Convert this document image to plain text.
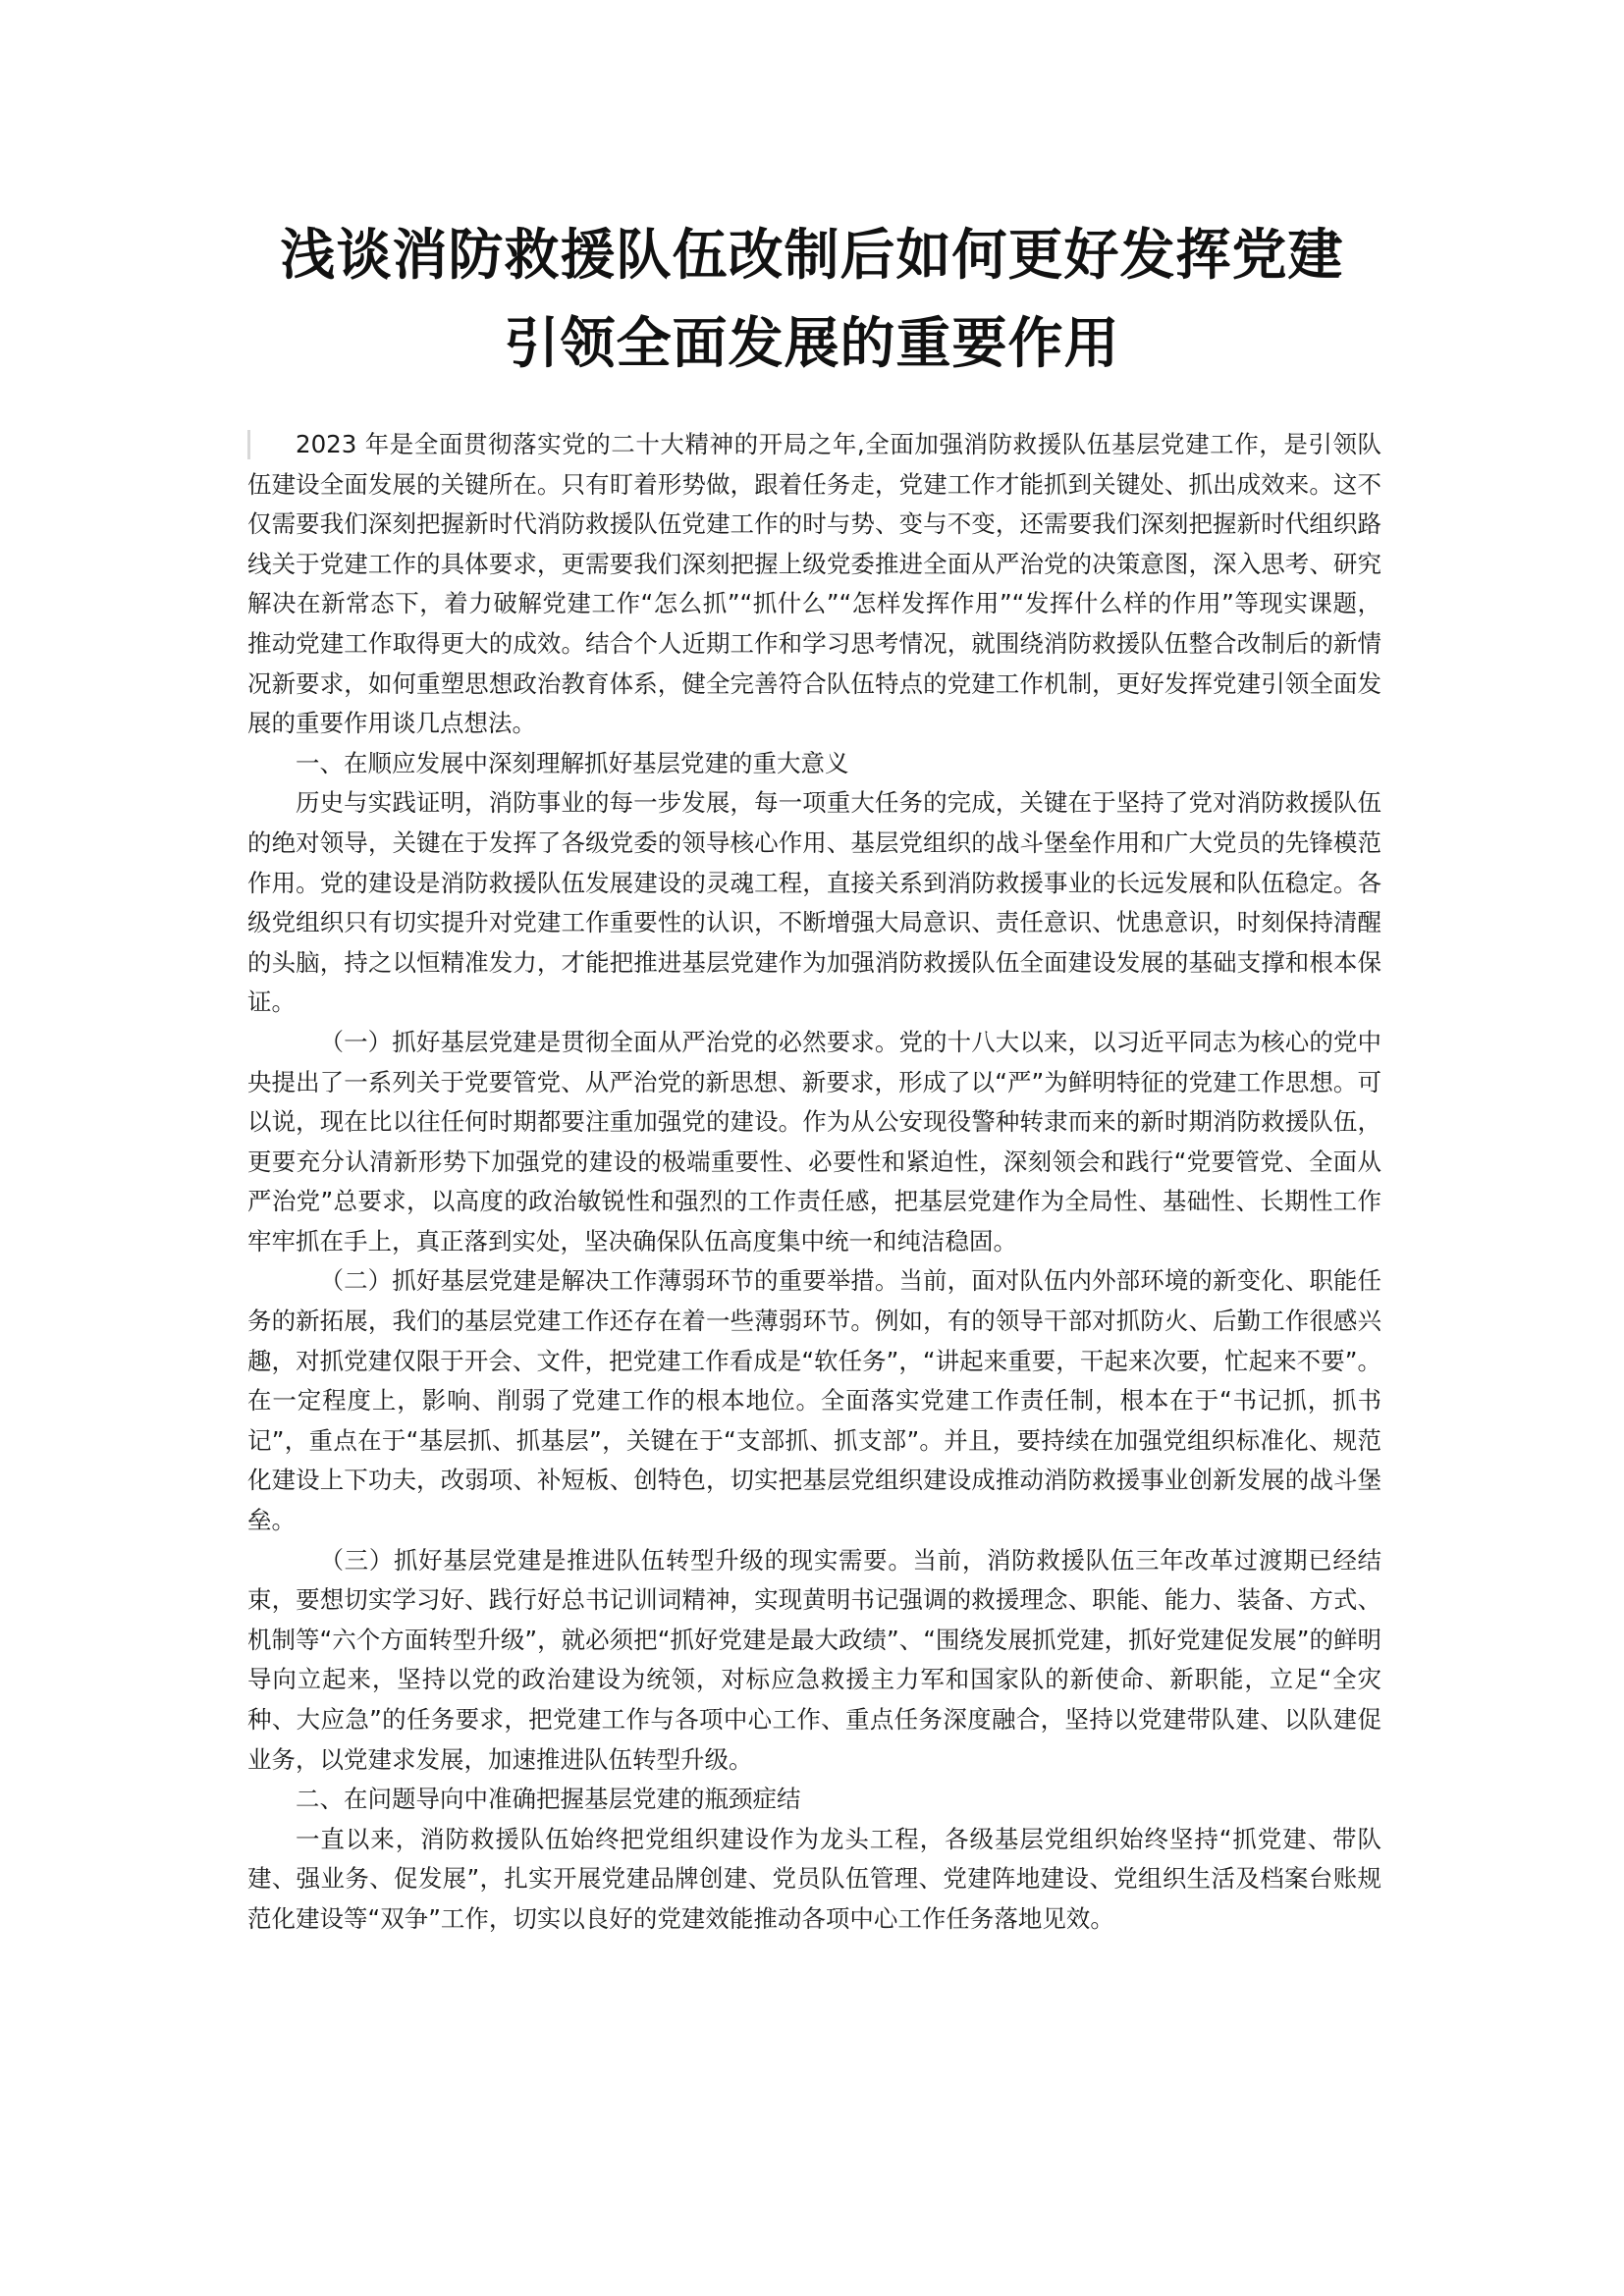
浅谈消防救援队伍改制后如何更好发挥党建
引领全面发展的重要作用

2023 年是全面贯彻落实党的二十大精神的开局之年,全面加强消防救援队伍基层党建工作，是引领队伍建设全面发展的关键所在。只有盯着形势做，跟着任务走，党建工作才能抓到关键处、抓出成效来。这不仅需要我们深刻把握新时代消防救援队伍党建工作的时与势、变与不变，还需要我们深刻把握新时代组织路线关于党建工作的具体要求，更需要我们深刻把握上级党委推进全面从严治党的决策意图，深入思考、研究解决在新常态下，着力破解党建工作“怎么抓”“抓什么”“怎样发挥作用”“发挥什么样的作用”等现实课题，推动党建工作取得更大的成效。结合个人近期工作和学习思考情况，就围绕消防救援队伍整合改制后的新情况新要求，如何重塑思想政治教育体系，健全完善符合队伍特点的党建工作机制，更好发挥党建引领全面发展的重要作用谈几点想法。

一、在顺应发展中深刻理解抓好基层党建的重大意义

历史与实践证明，消防事业的每一步发展，每一项重大任务的完成，关键在于坚持了党对消防救援队伍的绝对领导，关键在于发挥了各级党委的领导核心作用、基层党组织的战斗堡垒作用和广大党员的先锋模范作用。党的建设是消防救援队伍发展建设的灵魂工程，直接关系到消防救援事业的长远发展和队伍稳定。各级党组织只有切实提升对党建工作重要性的认识，不断增强大局意识、责任意识、忧患意识，时刻保持清醒的头脑，持之以恒精准发力，才能把推进基层党建作为加强消防救援队伍全面建设发展的基础支撑和根本保证。

（一）抓好基层党建是贯彻全面从严治党的必然要求。党的十八大以来，以习近平同志为核心的党中央提出了一系列关于党要管党、从严治党的新思想、新要求，形成了以“严”为鲜明特征的党建工作思想。可以说，现在比以往任何时期都要注重加强党的建设。作为从公安现役警种转隶而来的新时期消防救援队伍，更要充分认清新形势下加强党的建设的极端重要性、必要性和紧迫性，深刻领会和践行“党要管党、全面从严治党”总要求，以高度的政治敏锐性和强烈的工作责任感，把基层党建作为全局性、基础性、长期性工作牢牢抓在手上，真正落到实处，坚决确保队伍高度集中统一和纯洁稳固。

（二）抓好基层党建是解决工作薄弱环节的重要举措。当前，面对队伍内外部环境的新变化、职能任务的新拓展，我们的基层党建工作还存在着一些薄弱环节。例如，有的领导干部对抓防火、后勤工作很感兴趣，对抓党建仅限于开会、文件，把党建工作看成是“软任务”，“讲起来重要，干起来次要，忙起来不要”。在一定程度上，影响、削弱了党建工作的根本地位。全面落实党建工作责任制，根本在于“书记抓，抓书记”，重点在于“基层抓、抓基层”，关键在于“支部抓、抓支部”。并且，要持续在加强党组织标准化、规范化建设上下功夫，改弱项、补短板、创特色，切实把基层党组织建设成推动消防救援事业创新发展的战斗堡垒。

（三）抓好基层党建是推进队伍转型升级的现实需要。当前，消防救援队伍三年改革过渡期已经结束，要想切实学习好、践行好总书记训词精神，实现黄明书记强调的救援理念、职能、能力、装备、方式、机制等“六个方面转型升级”，就必须把“抓好党建是最大政绩”、“围绕发展抓党建，抓好党建促发展”的鲜明导向立起来，坚持以党的政治建设为统领，对标应急救援主力军和国家队的新使命、新职能，立足“全灾种、大应急”的任务要求，把党建工作与各项中心工作、重点任务深度融合，坚持以党建带队建、以队建促业务，以党建求发展，加速推进队伍转型升级。

二、在问题导向中准确把握基层党建的瓶颈症结

一直以来，消防救援队伍始终把党组织建设作为龙头工程，各级基层党组织始终坚持“抓党建、带队建、强业务、促发展”，扎实开展党建品牌创建、党员队伍管理、党建阵地建设、党组织生活及档案台账规范化建设等“双争”工作，切实以良好的党建效能推动各项中心工作任务落地见效。
